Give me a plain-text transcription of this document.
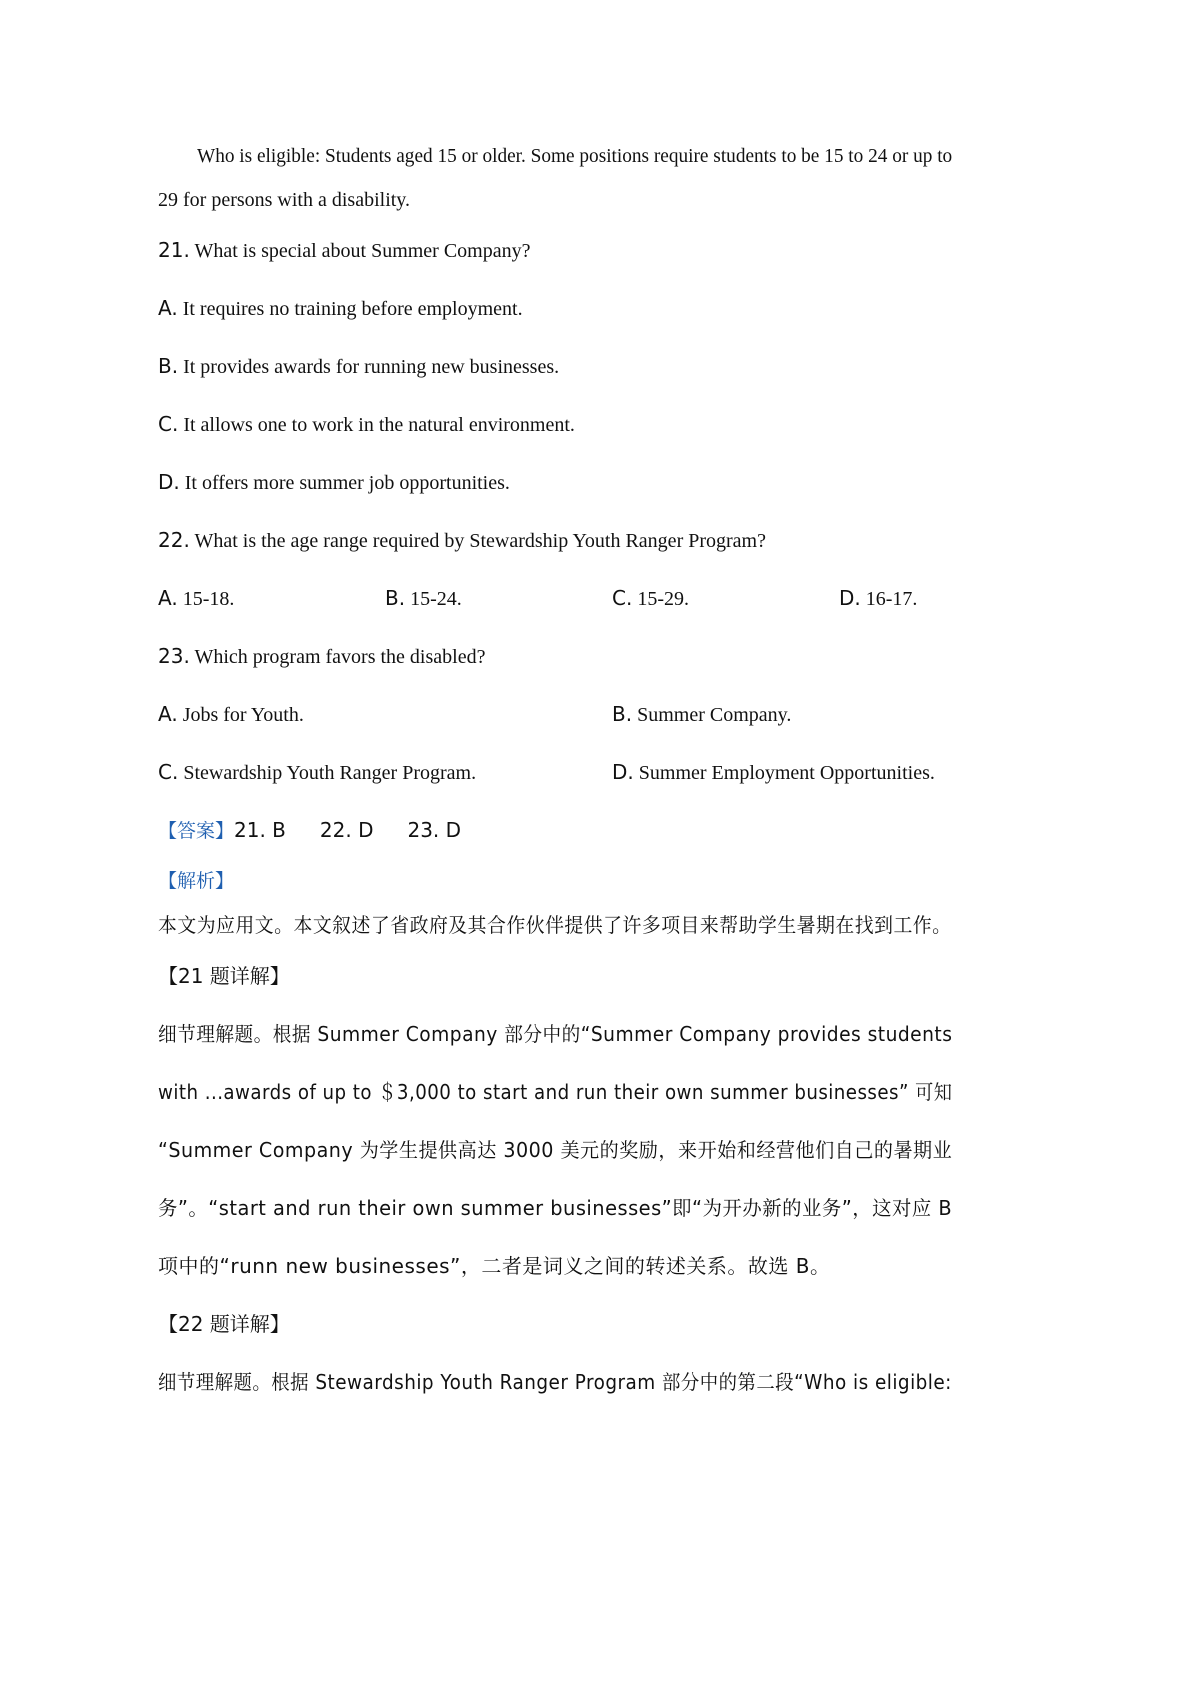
Who is eligible: Students aged 15 or older. Some positions require students to be 15 to 24 or up to
29 for persons with a disability.
21. What is special about Summer Company?
A. It requires no training before employment.
B. It provides awards for running new businesses.
C. It allows one to work in the natural environment.
D. It offers more summer job opportunities.
22. What is the age range required by Stewardship Youth Ranger Program?
A. 15-18.	B. 15-24.	C. 15-29.	D. 16-17.
23. Which program favors the disabled?
A. Jobs for Youth.	B. Summer Company.
C. Stewardship Youth Ranger Program.	D. Summer Employment Opportunities.
【答案】21. B 22. D 23. D
【解析】
本文为应用文。本文叙述了省政府及其合作伙伴提供了许多项目来帮助学生暑期在找到工作。
【21 题详解】
细节理解题。根据 Summer Company 部分中的“Summer Company provides students
with ...awards of up to ＄3,000 to start and run their own summer businesses” 可知
“Summer Company 为学生提供高达 3000 美元的奖励，来开始和经营他们自己的暑期业
务”。“start and run their own summer businesses”即“为开办新的业务”，这对应 B
项中的“runn new businesses”，二者是词义之间的转述关系。故选 B。
【22 题详解】
细节理解题。根据 Stewardship Youth Ranger Program 部分中的第二段“Who is eligible:
